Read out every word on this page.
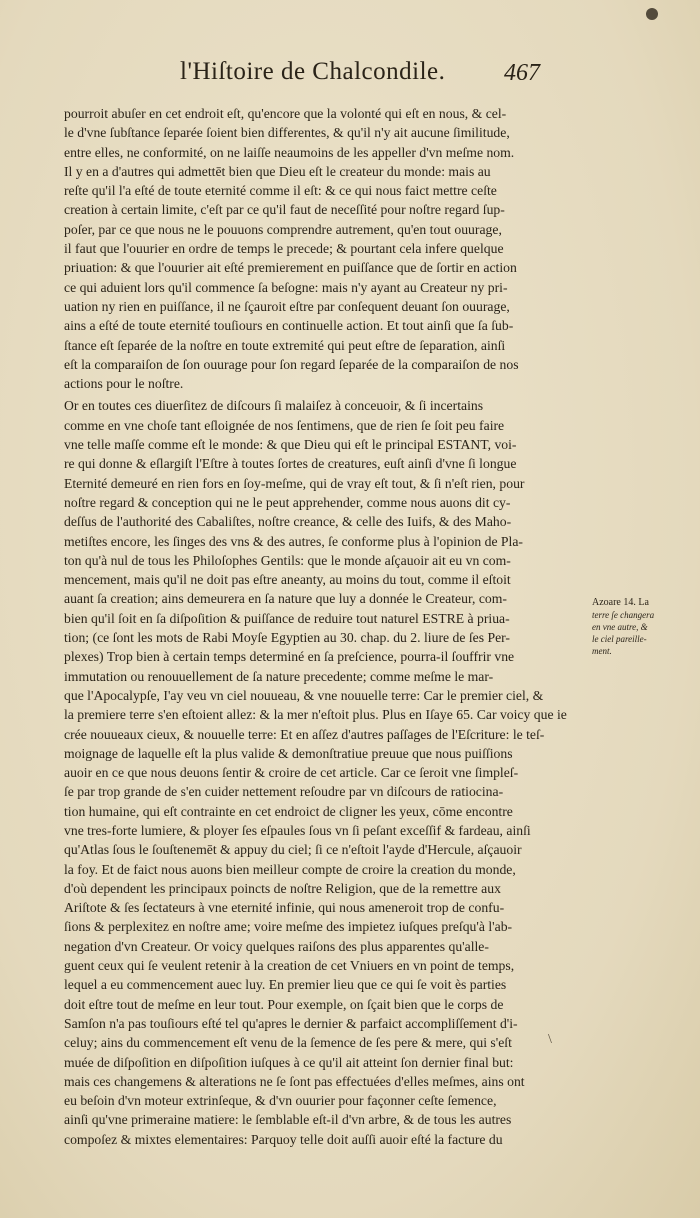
l'Hiſtoire de Chalcondile. 467
pourroit abuſer en cet endroit eſt, qu'encore que la volonté qui eſt en nous, & cel-
le d'vne ſubſtance ſeparée ſoient bien differentes, & qu'il n'y ait aucune ſimilitude,
entre elles, ne conformité, on ne laiſſe neaumoins de les appeller d'vn meſme nom.
Il y en a d'autres qui admettēt bien que Dieu eſt le createur du monde: mais au
reſte qu'il l'a eſté de toute eternité comme il eſt: & ce qui nous faict mettre ceſte
creation à certain limite, c'eſt par ce qu'il faut de neceſſité pour noſtre regard ſup-
poſer, par ce que nous ne le pouuons comprendre autrement, qu'en tout ouurage,
il faut que l'ouurier en ordre de temps le precede; & pourtant cela infere quelque
priuation: & que l'ouurier ait eſté premierement en puiſſance que de ſortir en action
ce qui aduient lors qu'il commence ſa beſogne: mais n'y ayant au Createur ny pri-
uation ny rien en puiſſance, il ne ſçauroit eſtre par conſequent deuant ſon ouurage,
ains a eſté de toute eternité touſiours en continuelle action. Et tout ainſi que ſa ſub-
ſtance eſt ſeparée de la noſtre en toute extremité qui peut eſtre de ſeparation, ainſi
eſt la comparaiſon de ſon ouurage pour ſon regard ſeparée de la comparaiſon de nos
actions pour le noſtre.
Or en toutes ces diuerſitez de diſcours ſi malaiſez à conceuoir, & ſi incertains
comme en vne choſe tant eſloignée de nos ſentimens, que de rien ſe ſoit peu faire
vne telle maſſe comme eſt le monde: & que Dieu qui eſt le principal ESTANT, voi-
re qui donne & eſlargiſt l'Eſtre à toutes ſortes de creatures, euſt ainſi d'vne ſi longue
Eternité demeuré en rien fors en ſoy-meſme, qui de vray eſt tout, & ſi n'eſt rien, pour
noſtre regard & conception qui ne le peut apprehender, comme nous auons dit cy-
deſſus de l'authorité des Cabaliſtes, noſtre creance, & celle des Iuifs, & des Maho-
metiſtes encore, les ſinges des vns & des autres, ſe conforme plus à l'opinion de Pla-
ton qu'à nul de tous les Philoſophes Gentils: que le monde aſçauoir ait eu vn com-
mencement, mais qu'il ne doit pas eſtre aneanty, au moins du tout, comme il eſtoit
auant ſa creation; ains demeurera en ſa nature que luy a donnée le Createur, com-
bien qu'il ſoit en ſa diſpoſition & puiſſance de reduire tout naturel ESTRE à priua-
tion; (ce ſont les mots de Rabi Moyſe Egyptien au 30. chap. du 2. liure de ſes Per-
plexes) Trop bien à certain temps determiné en ſa preſcience, pourra-il ſouffrir vne
immutation ou renouuellement de ſa nature precedente; comme meſme le mar-
que l'Apocalypſe, I'ay veu vn ciel nouueau, & vne nouuelle terre: Car le premier ciel, &
la premiere terre s'en eſtoient allez: & la mer n'eſtoit plus. Plus en Iſaye 65. Car voicy que ie
crée nouueaux cieux, & nouuelle terre: Et en aſſez d'autres paſſages de l'Eſcriture: le teſ-
moignage de laquelle eſt la plus valide & demonſtratiue preuue que nous puiſſions
auoir en ce que nous deuons ſentir & croire de cet article. Car ce ſeroit vne ſimpleſ-
ſe par trop grande de s'en cuider nettement reſoudre par vn diſcours de ratiocina-
tion humaine, qui eſt contrainte en cet endroict de cligner les yeux, cōme encontre
vne tres-forte lumiere, & ployer ſes eſpaules ſous vn ſi peſant exceſſif & fardeau, ainſi
qu'Atlas ſous le ſouſtenemēt & appuy du ciel; ſi ce n'eſtoit l'ayde d'Hercule, aſçauoir
la foy. Et de faict nous auons bien meilleur compte de croire la creation du monde,
d'où dependent les principaux poincts de noſtre Religion, que de la remettre aux
Ariſtote & ſes ſectateurs à vne eternité infinie, qui nous ameneroit trop de confu-
ſions & perplexitez en noſtre ame; voire meſme des impietez iuſques preſqu'à l'ab-
negation d'vn Createur. Or voicy quelques raiſons des plus apparentes qu'alle-
guent ceux qui ſe veulent retenir à la creation de cet Vniuers en vn point de temps,
lequel a eu commencement auec luy. En premier lieu que ce qui ſe voit ès parties
doit eſtre tout de meſme en leur tout. Pour exemple, on ſçait bien que le corps de
Samſon n'a pas touſiours eſté tel qu'apres le dernier & parfaict accompliſſement d'i-
celuy; ains du commencement eſt venu de la ſemence de ſes pere & mere, qui s'eſt
muée de diſpoſition en diſpoſition iuſques à ce qu'il ait atteint ſon dernier final but:
mais ces changemens & alterations ne ſe ſont pas effectuées d'elles meſmes, ains ont
eu beſoin d'vn moteur extrinſeque, & d'vn ouurier pour façonner ceſte ſemence,
ainſi qu'vne primeraine matiere: le ſemblable eſt-il d'vn arbre, & de tous les autres
compoſez & mixtes elementaires: Parquoy telle doit auſſi auoir eſté la facture du
Azoare 14. La
terre ſe changera
en vne autre, &
le ciel pareille-
ment.
\
